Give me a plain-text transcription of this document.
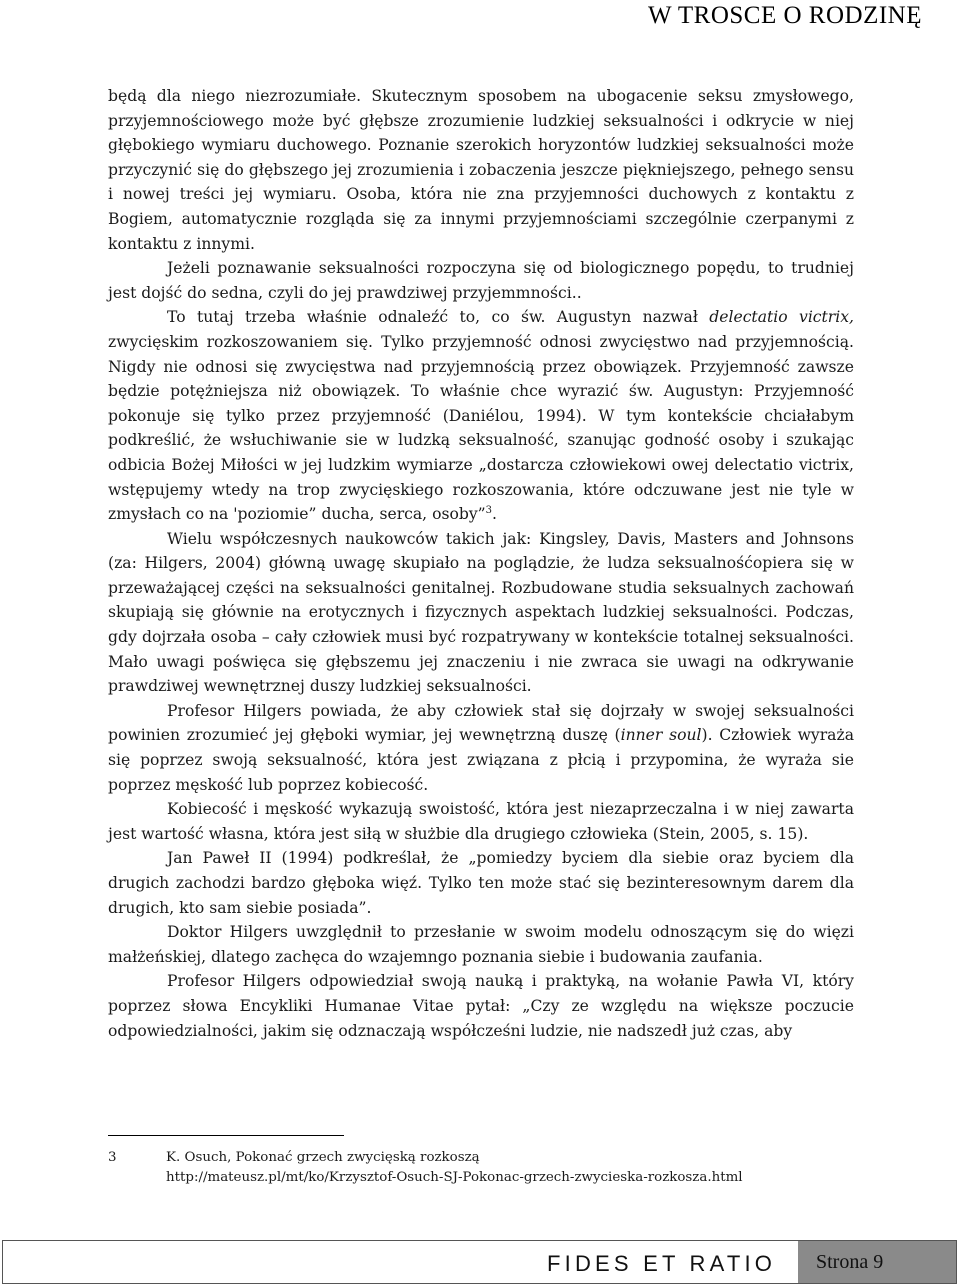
W TROSCE O RODZINĘ

będą dla niego niezrozumiałe. Skutecznym sposobem na ubogacenie seksu zmysłowego, przyjemnościowego może być głębsze zrozumienie ludzkiej seksualności i odkrycie w niej głębokiego wymiaru duchowego. Poznanie szerokich horyzontów ludzkiej seksualności może przyczynić się do głębszego jej zrozumienia i zobaczenia jeszcze piękniejszego, pełnego sensu i nowej treści jej wymiaru. Osoba, która nie zna przyjemności duchowych z kontaktu z Bogiem, automatycznie rozgląda się za innymi przyjemnościami szczególnie czerpanymi z kontaktu z innymi.

Jeżeli poznawanie seksualności rozpoczyna się od biologicznego popędu, to trudniej jest dojść do sedna, czyli do jej prawdziwej przyjemmności..

To tutaj trzeba właśnie odnaleźć to, co św. Augustyn nazwał delectatio victrix, zwycięskim rozkoszowaniem się. Tylko przyjemność odnosi zwycięstwo nad przyjemnością. Nigdy nie odnosi się zwycięstwa nad przyjemnością przez obowiązek. Przyjemność zawsze będzie potężniejsza niż obowiązek. To właśnie chce wyrazić św. Augustyn: Przyjemność pokonuje się tylko przez przyjemność (Daniélou, 1994). W tym kontekście chciałabym podkreślić, że wsłuchiwanie sie w ludzką seksualność, szanując godność osoby i szukając odbicia Bożej Miłości w jej ludzkim wymiarze „dostarcza człowiekowi owej delectatio victrix, wstępujemy wtedy na trop zwycięskiego rozkoszowania, które odczuwane jest nie tyle w zmysłach co na 'poziomie” ducha, serca, osoby”$^3$.

Wielu współczesnych naukowców takich jak: Kingsley, Davis, Masters and Johnsons (za: Hilgers, 2004) główną uwagę skupiało na poglądzie, że ludza seksualnośćopiera się w przeważającej części na seksualności genitalnej. Rozbudowane studia seksualnych zachowań skupiają się głównie na erotycznych i fizycznych aspektach ludzkiej seksualności. Podczas, gdy dojrzała osoba – cały człowiek musi być rozpatrywany w kontekście totalnej seksualności. Mało uwagi poświęca się głębszemu jej znaczeniu i nie zwraca sie uwagi na odkrywanie prawdziwej wewnętrznej duszy ludzkiej seksualności.

Profesor Hilgers powiada, że aby człowiek stał się dojrzały w swojej seksualności powinien zrozumieć jej głęboki wymiar, jej wewnętrzną duszę (inner soul). Człowiek wyraża się poprzez swoją seksualność, która jest związana z płcią i przypomina, że wyraża sie poprzez męskość lub poprzez kobiecość.

Kobiecość i męskość wykazują swoistość, która jest niezaprzeczalna i w niej zawarta jest wartość własna, która jest siłą w służbie dla drugiego człowieka (Stein, 2005, s. 15).

Jan Paweł II (1994) podkreślał, że „pomiedzy byciem dla siebie oraz byciem dla drugich zachodzi bardzo głęboka więź. Tylko ten może stać się bezinteresownym darem dla drugich, kto sam siebie posiada”.

Doktor Hilgers uwzględnił to przesłanie w swoim modelu odnoszącym się do więzi małżeńskiej, dlatego zachęca do wzajemngo poznania siebie i budowania zaufania.

Profesor Hilgers odpowiedział swoją nauką i praktyką, na wołanie Pawła VI, który poprzez słowa Encykliki Humanae Vitae pytał: „Czy ze względu na większe poczucie odpowiedzialności, jakim się odznaczają współcześni ludzie, nie nadszedł już czas, aby

3	K. Osuch, Pokonać grzech zwycięską rozkoszą
http://mateusz.pl/mt/ko/Krzysztof-Osuch-SJ-Pokonac-grzech-zwycieska-rozkosza.html
FIDES ET RATIO Strona 9
